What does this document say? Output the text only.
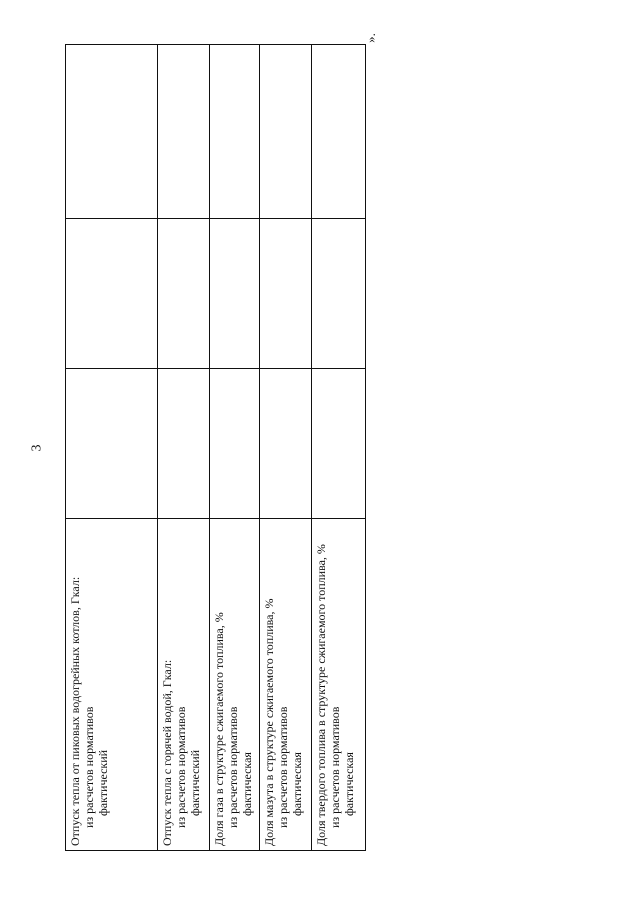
3
».
Отпуск тепла от пиковых водогрейных котлов, Гкал: из расчетов нормативов фактический			

Отпуск тепла с горячей водой, Гкал: из расчетов нормативов фактический			

Доля газа в структуре сжигаемого топлива, % из расчетов нормативов фактическая			

Доля мазута в структуре сжигаемого топлива, % из расчетов нормативов фактическая			

Доля твердого топлива в структуре сжигаемого топлива, % из расчетов нормативов фактическая			
